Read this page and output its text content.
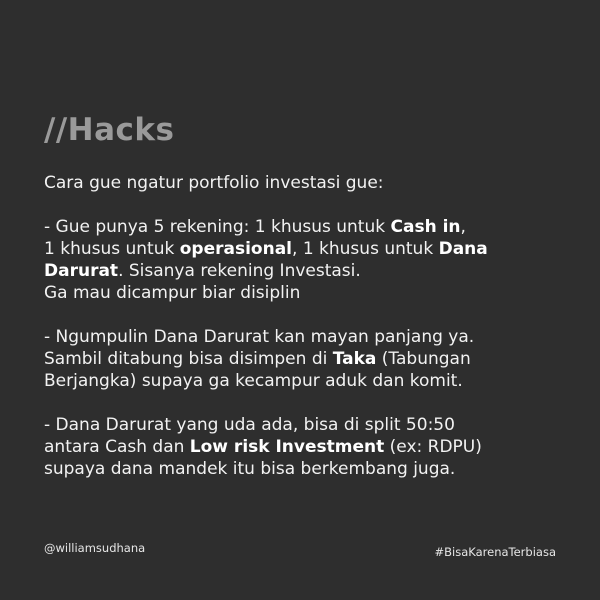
//Hacks

Cara gue ngatur portfolio investasi gue:

- Gue punya 5 rekening: 1 khusus untuk Cash in,
1 khusus untuk operasional, 1 khusus untuk Dana
Darurat. Sisanya rekening Investasi.
Ga mau dicampur biar disiplin

- Ngumpulin Dana Darurat kan mayan panjang ya.
Sambil ditabung bisa disimpen di Taka (Tabungan
Berjangka) supaya ga kecampur aduk dan komit.

- Dana Darurat yang uda ada, bisa di split 50:50
antara Cash dan Low risk Investment (ex: RDPU)
supaya dana mandek itu bisa berkembang juga.

@williamsudhana	#BisaKarenaTerbiasa
